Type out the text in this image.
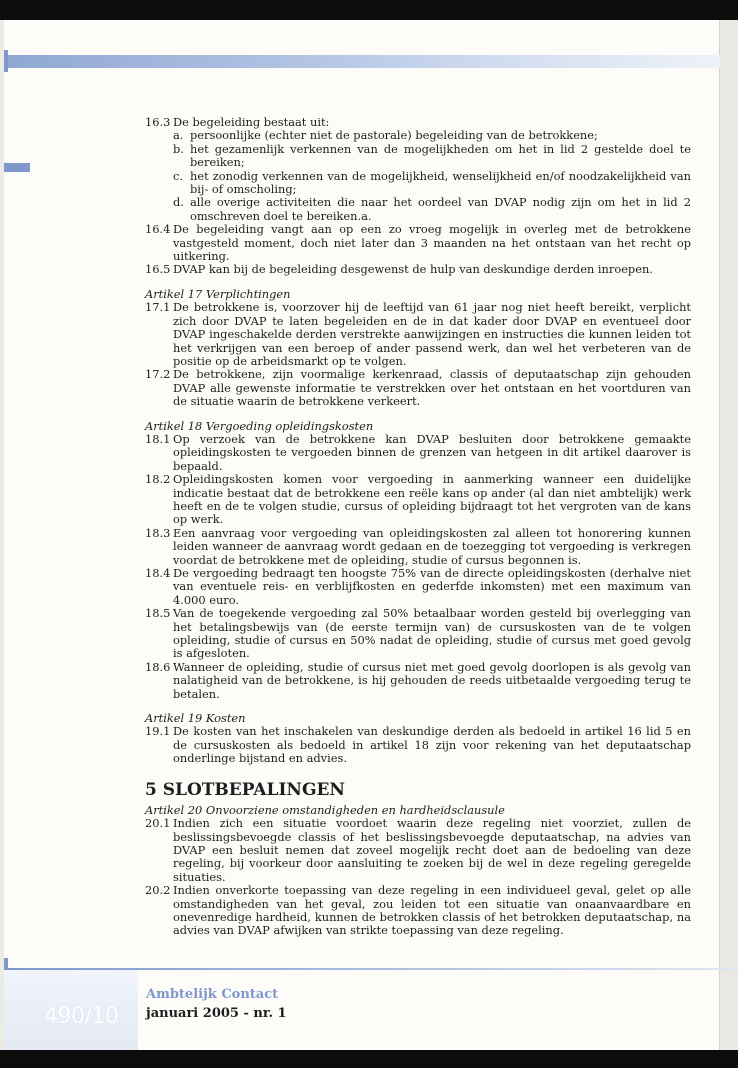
16.3 De begeleiding bestaat uit:
a. persoonlijke (echter niet de pastorale) begeleiding van de betrokkene;
b. het gezamenlijk verkennen van de mogelijkheden om het in lid 2 gestelde doel te bereiken;
c. het zonodig verkennen van de mogelijkheid, wenselijkheid en/of noodzakelijkheid van bij- of omscholing;
d. alle overige activiteiten die naar het oordeel van DVAP nodig zijn om het in lid 2 omschreven doel te bereiken.a.
16.4 De begeleiding vangt aan op een zo vroeg mogelijk in overleg met de betrokkene vastgesteld moment, doch niet later dan 3 maanden na het ontstaan van het recht op uitkering.
16.5 DVAP kan bij de begeleiding desgewenst de hulp van deskundige derden inroepen.
Artikel 17 Verplichtingen
17.1 De betrokkene is, voorzover hij de leeftijd van 61 jaar nog niet heeft bereikt, verplicht zich door DVAP te laten begeleiden en de in dat kader door DVAP en eventueel door DVAP ingeschakelde derden verstrekte aanwijzingen en instructies die kunnen leiden tot het verkrijgen van een beroep of ander passend werk, dan wel het verbeteren van de positie op de arbeidsmarkt op te volgen.
17.2 De betrokkene, zijn voormalige kerkenraad, classis of deputaatschap zijn gehouden DVAP alle gewenste informatie te verstrekken over het ontstaan en het voortduren van de situatie waarin de betrokkene verkeert.
Artikel 18 Vergoeding opleidingskosten
18.1 Op verzoek van de betrokkene kan DVAP besluiten door betrokkene gemaakte opleidingskosten te vergoeden binnen de grenzen van hetgeen in dit artikel daarover is bepaald.
18.2 Opleidingskosten komen voor vergoeding in aanmerking wanneer een duidelijke indicatie bestaat dat de betrokkene een reële kans op ander (al dan niet ambtelijk) werk heeft en de te volgen studie, cursus of opleiding bijdraagt tot het vergroten van de kans op werk.
18.3 Een aanvraag voor vergoeding van opleidingskosten zal alleen tot honorering kunnen leiden wanneer de aanvraag wordt gedaan en de toezegging tot vergoeding is verkregen voordat de betrokkene met de opleiding, studie of cursus begonnen is.
18.4 De vergoeding bedraagt ten hoogste 75% van de directe opleidingskosten (derhalve niet van eventuele reis- en verblijfkosten en gederfde inkomsten) met een maximum van 4.000 euro.
18.5 Van de toegekende vergoeding zal 50% betaalbaar worden gesteld bij overlegging van het betalingsbewijs van (de eerste termijn van) de cursuskosten van de te volgen opleiding, studie of cursus en 50% nadat de opleiding, studie of cursus met goed gevolg is afgesloten.
18.6 Wanneer de opleiding, studie of cursus niet met goed gevolg doorlopen is als gevolg van nalatigheid van de betrokkene, is hij gehouden de reeds uitbetaalde vergoeding terug te betalen.
Artikel 19 Kosten
19.1 De kosten van het inschakelen van deskundige derden als bedoeld in artikel 16 lid 5 en de cursuskosten als bedoeld in artikel 18 zijn voor rekening van het deputaatschap onderlinge bijstand en advies.
5 SLOTBEPALINGEN
Artikel 20 Onvoorziene omstandigheden en hardheidsclausule
20.1 Indien zich een situatie voordoet waarin deze regeling niet voorziet, zullen de beslissingsbevoegde classis of het beslissingsbevoegde deputaatschap, na advies van DVAP een besluit nemen dat zoveel mogelijk recht doet aan de bedoeling van deze regeling, bij voorkeur door aansluiting te zoeken bij de wel in deze regeling geregelde situaties.
20.2 Indien onverkorte toepassing van deze regeling in een individueel geval, gelet op alle omstandigheden van het geval, zou leiden tot een situatie van onaanvaardbare en onevenredige hardheid, kunnen de betrokken classis of het betrokken deputaatschap, na advies van DVAP afwijken van strikte toepassing van deze regeling.
490/10
Ambtelijk Contact
januari 2005 - nr. 1
